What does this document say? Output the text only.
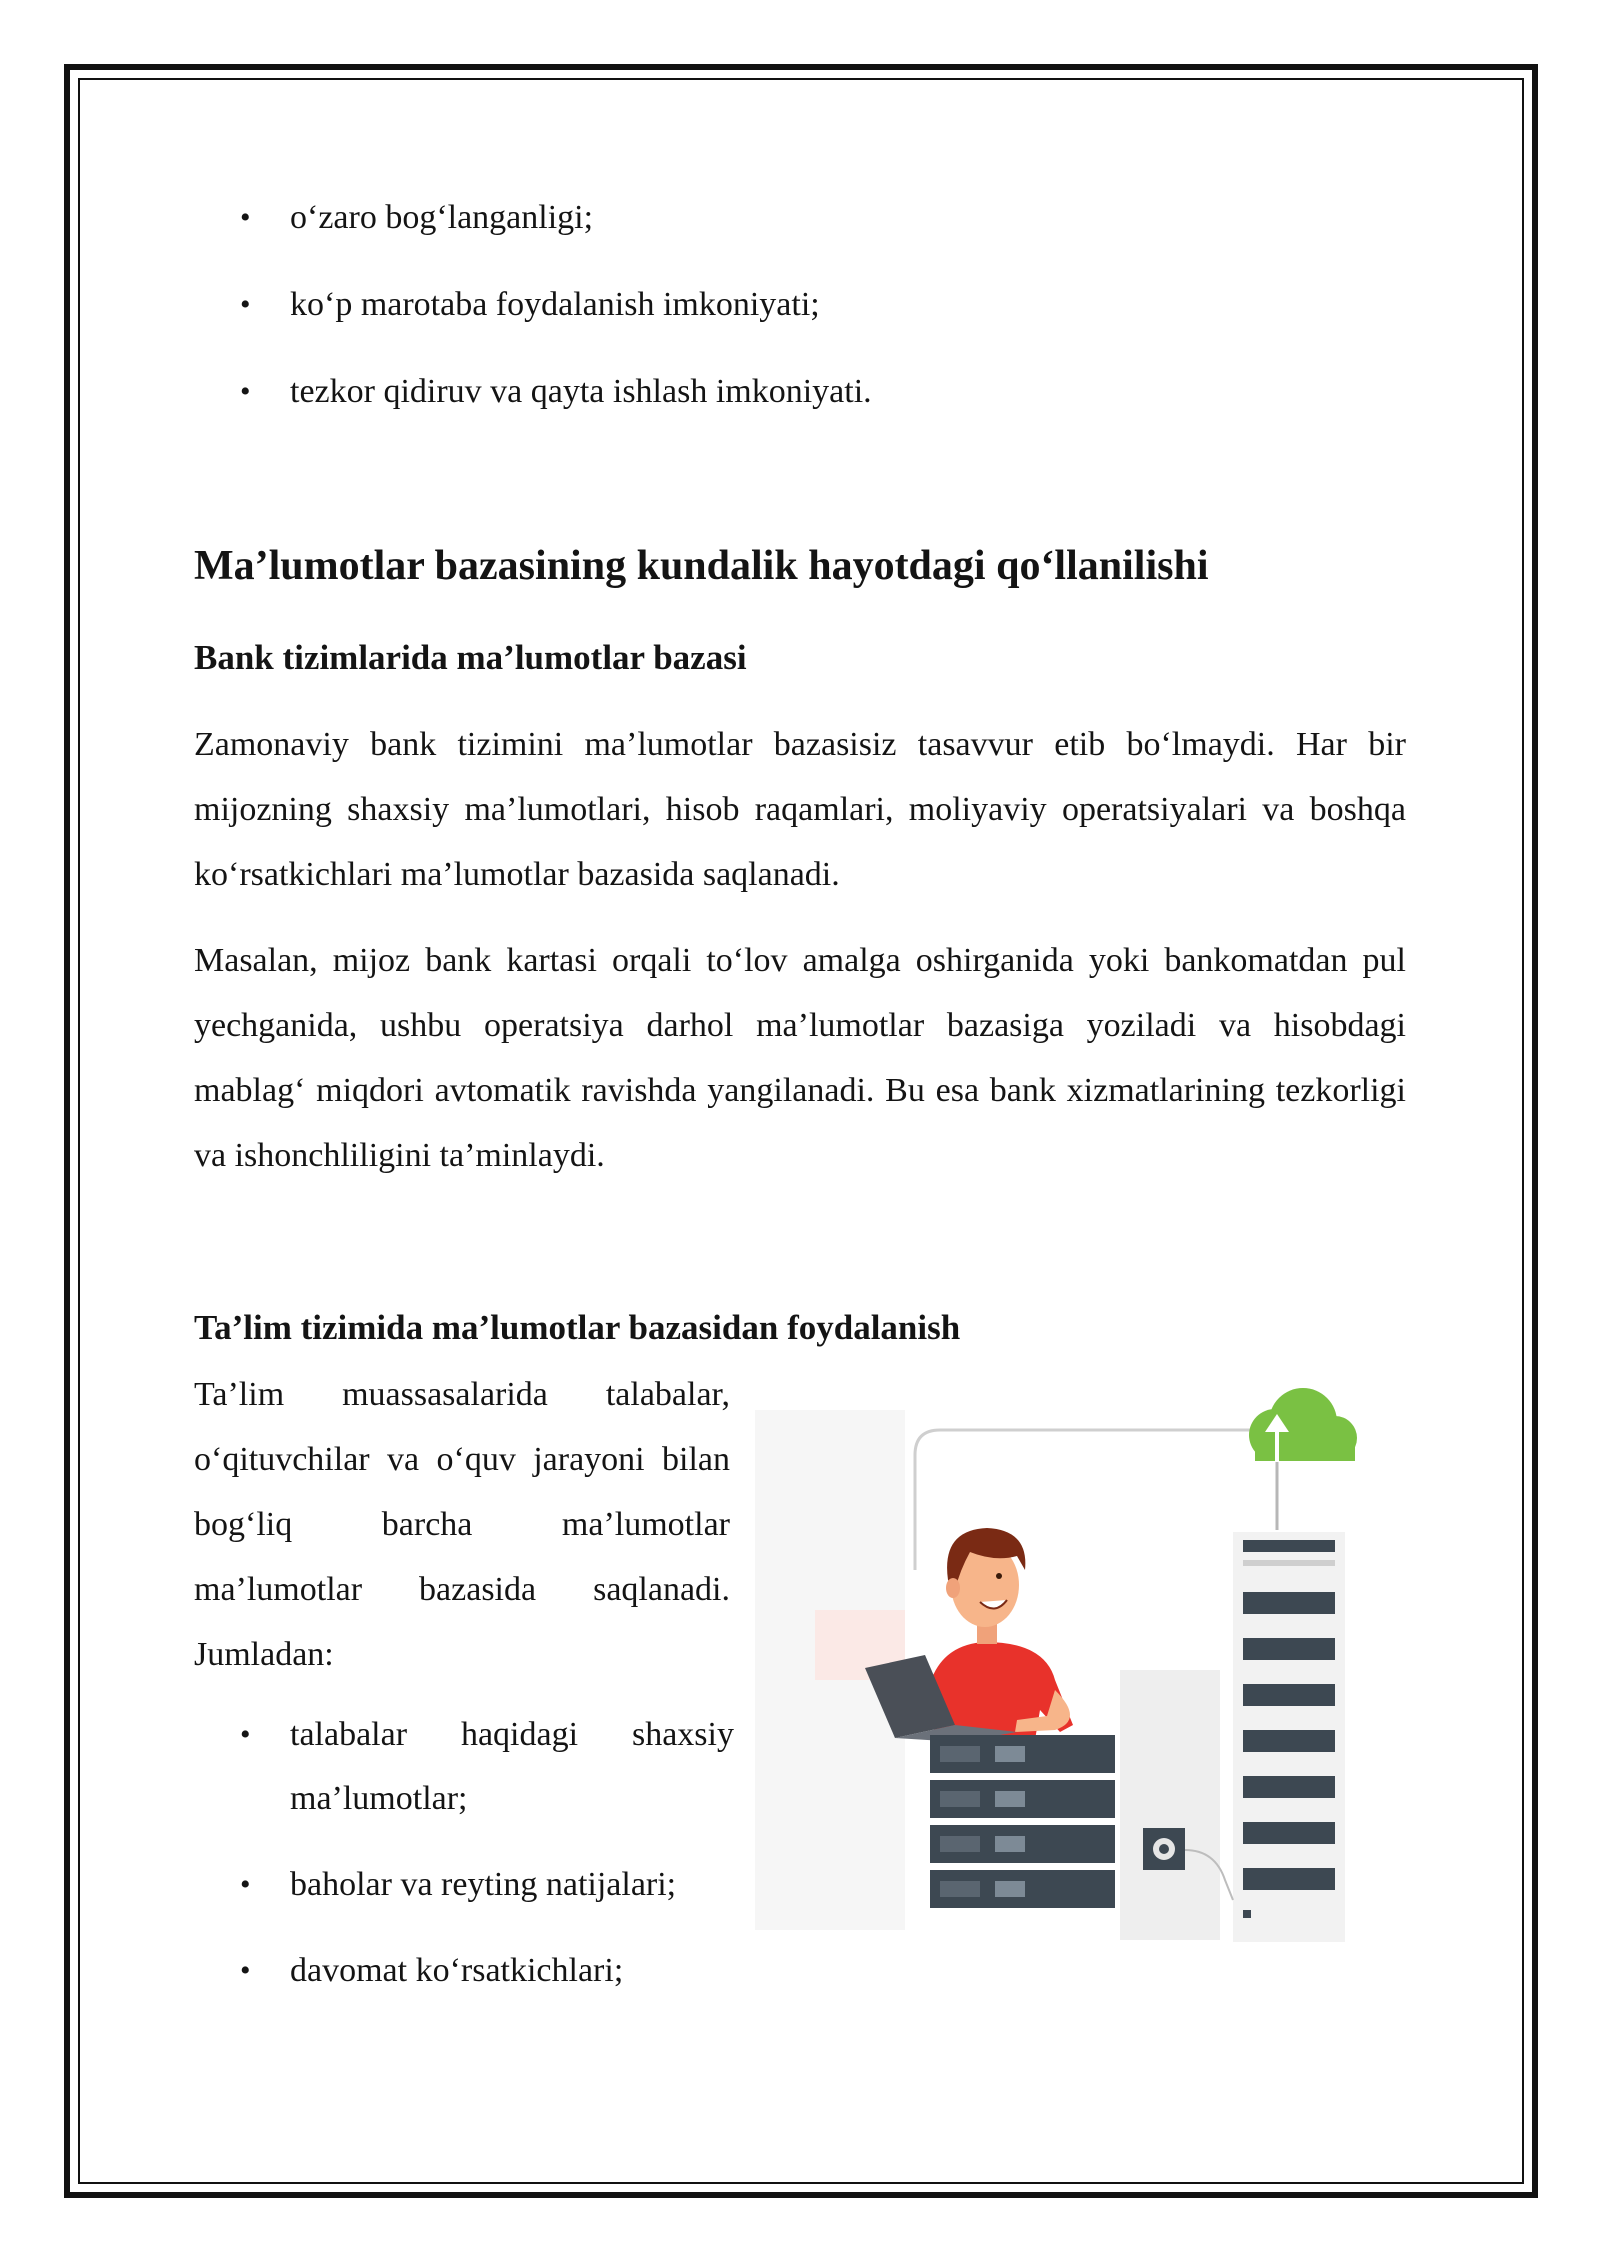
• o‘zaro bog‘langanligi;
• ko‘p marotaba foydalanish imkoniyati;
• tezkor qidiruv va qayta ishlash imkoniyati.
Ma’lumotlar bazasining kundalik hayotdagi qo‘llanilishi
Bank tizimlarida ma’lumotlar bazasi

Zamonaviy bank tizimini ma’lumotlar bazasisiz tasavvur etib bo‘lmaydi. Har bir mijozning shaxsiy ma’lumotlari, hisob raqamlari, moliyaviy operatsiyalari va boshqa ko‘rsatkichlari ma’lumotlar bazasida saqlanadi.

Masalan, mijoz bank kartasi orqali to‘lov amalga oshirganida yoki bankomatdan pul yechganida, ushbu operatsiya darhol ma’lumotlar bazasiga yoziladi va hisobdagi mablag‘ miqdori avtomatik ravishda yangilanadi. Bu esa bank xizmatlarining tezkorligi va ishonchliligini ta’minlaydi.

Ta’lim tizimida ma’lumotlar bazasidan foydalanish

Ta’lim muassasalarida talabalar, o‘qituvchilar va o‘quv jarayoni bilan bog‘liq barcha ma’lumotlar ma’lumotlar bazasida saqlanadi. Jumladan:

• talabalar haqidagi shaxsiy ma’lumotlar;
• baholar va reyting natijalari;
• davomat ko‘rsatkichlari;
